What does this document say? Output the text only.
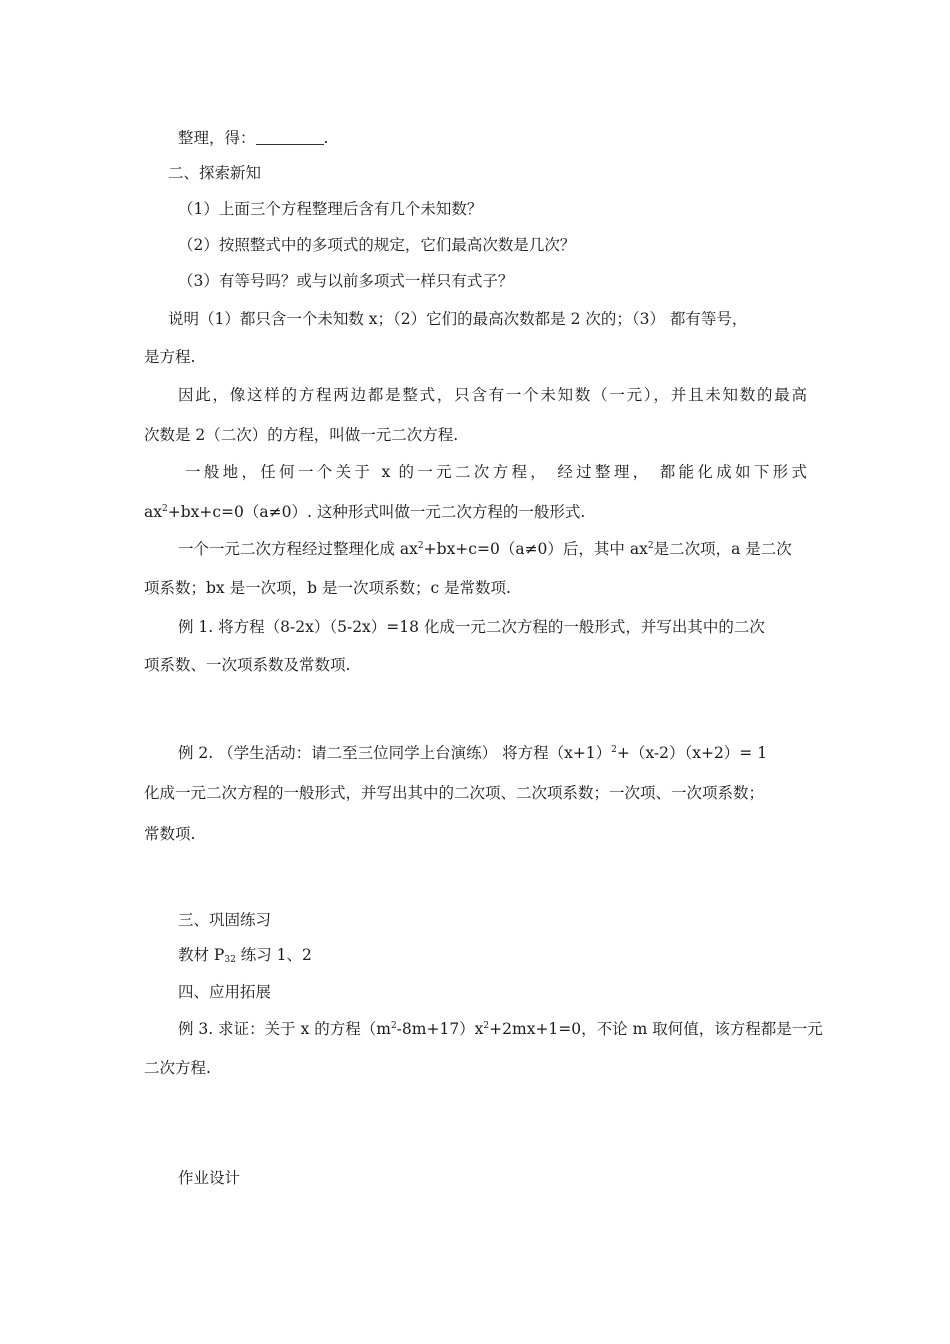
整理，得：	.
二、探索新知
（1）上面三个方程整理后含有几个未知数？
（2）按照整式中的多项式的规定，它们最高次数是几次？
（3）有等号吗？或与以前多项式一样只有式子？
说明（1）都只含一个未知数 x；（2）它们的最高次数都是 2 次的；（3） 都有等号，
是方程.
因此，像这样的方程两边都是整式，只含有一个未知数（一元），并且未知数的最高
次数是 2（二次）的方程，叫做一元二次方程.
一般地，任何一个关于 x 的一元二次方程， 经过整理， 都能化成如下形式
$ax^2+bx+c=0(a\ne 0)$. 这种形式叫做一元二次方程的一般形式.
一个一元二次方程经过整理化成 $ax^2+bx+c=0(a\ne 0)$后，其中 $ax^2$是二次项，a 是二次
项系数；bx 是一次项，b 是一次项系数；c 是常数项.
例 1. 将方程（8-2x）（5-2x）=18 化成一元二次方程的一般形式，并写出其中的二次
项系数、一次项系数及常数项.
例 2. （学生活动：请二至三位同学上台演练） 将方程$(x+1)^2+(x-2)(x+2)= 1$
化成一元二次方程的一般形式，并写出其中的二次项、二次项系数；一次项、一次项系数；
常数项.
三、巩固练习
教材 $P_{32}$ 练习 1、2
四、应用拓展
例 3. 求证：关于 x 的方程$(m^2-8m+17)x^2+2mx+1=0$，不论 m 取何值，该方程都是一元
二次方程.
作业设计
